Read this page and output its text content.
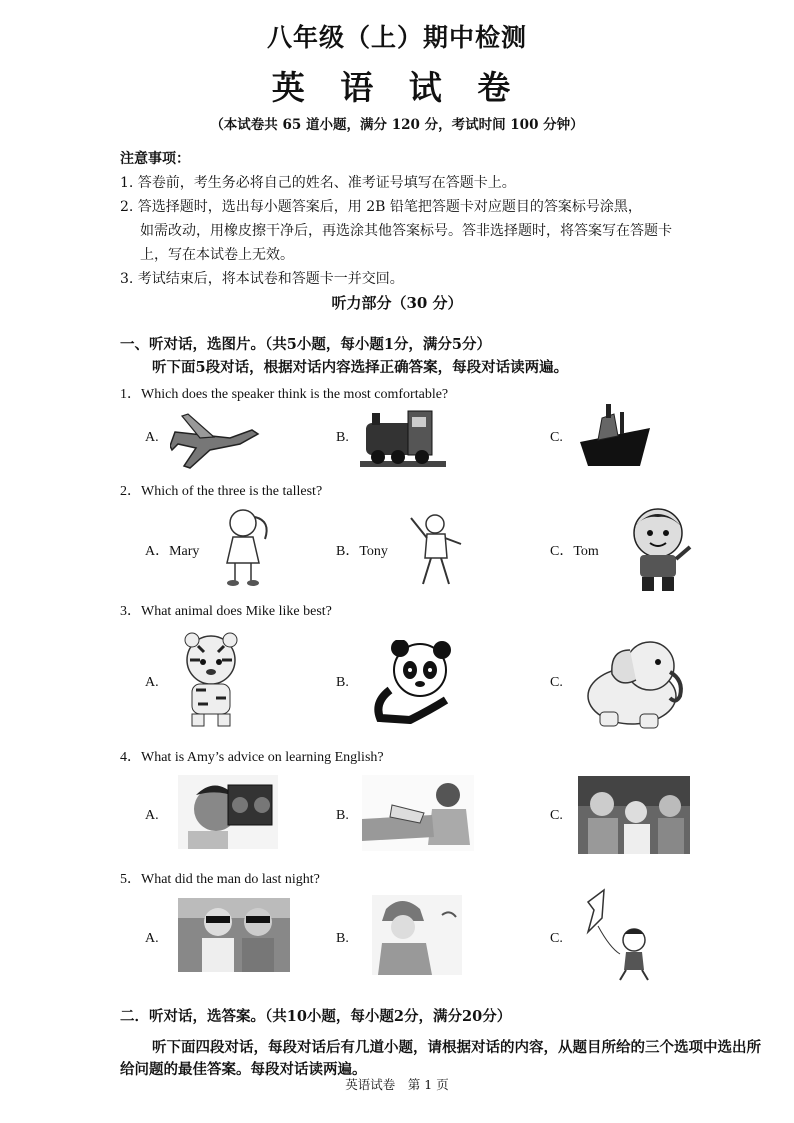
八年级（上）期中检测
英 语 试 卷
（本试卷共 65 道小题，满分 120 分，考试时间 100 分钟）
注意事项：
1. 答卷前，考生务必将自己的姓名、准考证号填写在答题卡上。
2. 答选择题时，选出每小题答案后，用 2B 铅笔把答题卡对应题目的答案标号涂黑，
如需改动，用橡皮擦干净后，再选涂其他答案标号。答非选择题时，将答案写在答题卡
上，写在本试卷上无效。
3. 考试结束后，将本试卷和答题卡一并交回。
听力部分（30 分）
一、听对话，选图片。（共5小题，每小题1分，满分5分）
听下面5段对话，根据对话内容选择正确答案，每段对话读两遍。
1．Which does the speaker think is the most comfortable?
A.	B.	C.
2．Which of the three is the tallest?
A．Mary	B．Tony	C．Tom
3．What animal does Mike like best?
A.	B.	C.
4．What is Amy’s advice on learning English?
A.	B.	C.
5．What did the man do last night?
A.	B.	C.
二．听对话，选答案。（共10小题，每小题2分，满分20分）
听下面四段对话，每段对话后有几道小题，请根据对话的内容，从题目所给的三个选项中选出所给问题的最佳答案。每段对话读两遍。
英语试卷　第 1 页
